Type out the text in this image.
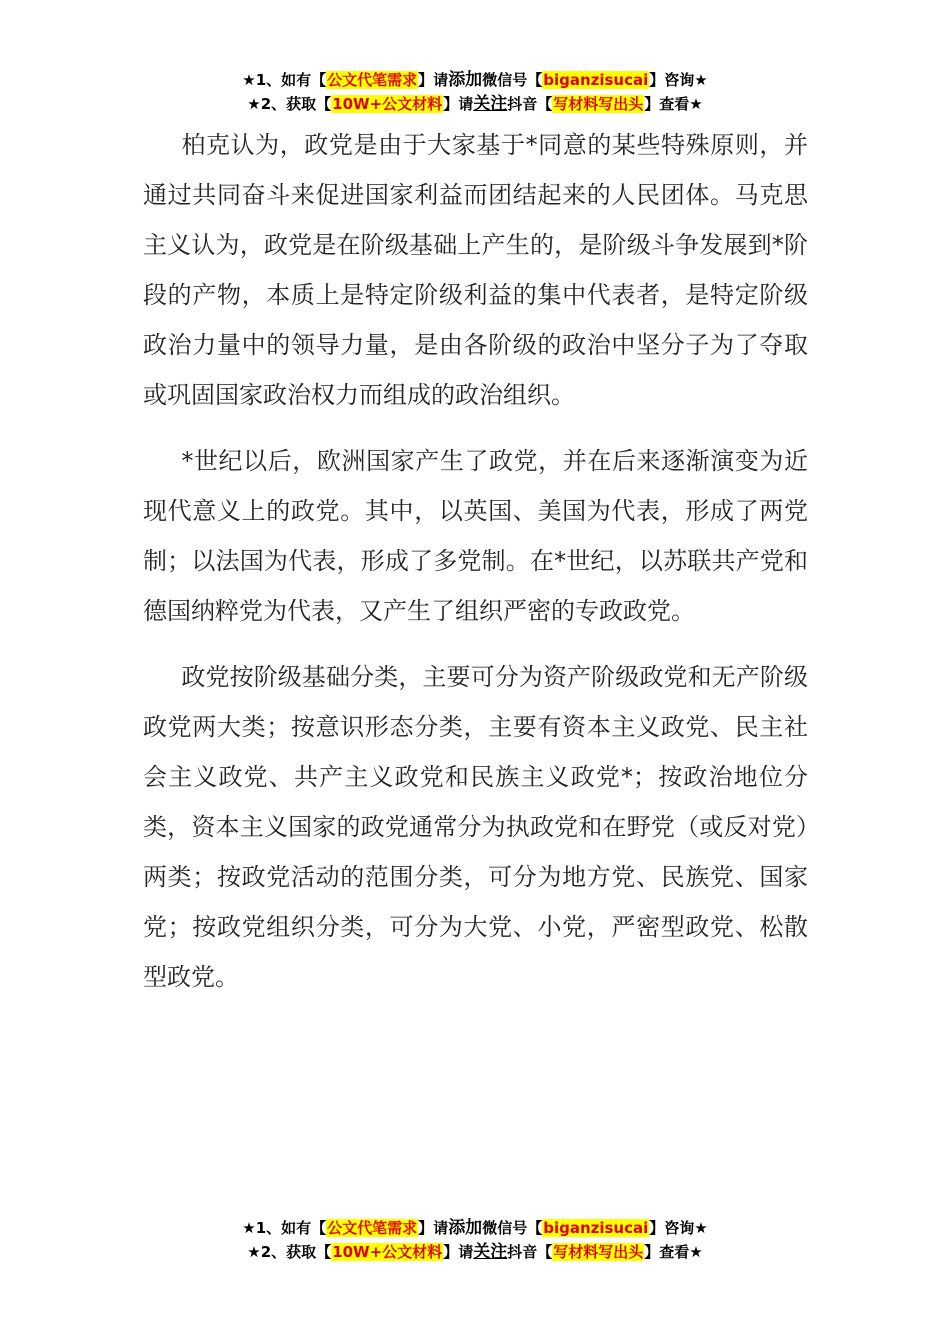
★1、如有【公文代笔需求】请添加微信号【biganzisucai】咨询★
★2、获取【10W+公文材料】请关注抖音【写材料写出头】查看★

柏克认为，政党是由于大家基于*同意的某些特殊原则，并通过共同奋斗来促进国家利益而团结起来的人民团体。马克思主义认为，政党是在阶级基础上产生的，是阶级斗争发展到*阶段的产物，本质上是特定阶级利益的集中代表者，是特定阶级政治力量中的领导力量，是由各阶级的政治中坚分子为了夺取或巩固国家政治权力而组成的政治组织。

*世纪以后，欧洲国家产生了政党，并在后来逐渐演变为近现代意义上的政党。其中，以英国、美国为代表，形成了两党制；以法国为代表，形成了多党制。在*世纪，以苏联共产党和德国纳粹党为代表，又产生了组织严密的专政政党。

政党按阶级基础分类，主要可分为资产阶级政党和无产阶级政党两大类；按意识形态分类，主要有资本主义政党、民主社会主义政党、共产主义政党和民族主义政党*；按政治地位分类，资本主义国家的政党通常分为执政党和在野党（或反对党）两类；按政党活动的范围分类，可分为地方党、民族党、国家党；按政党组织分类，可分为大党、小党，严密型政党、松散型政党。

★1、如有【公文代笔需求】请添加微信号【biganzisucai】咨询★
★2、获取【10W+公文材料】请关注抖音【写材料写出头】查看★
